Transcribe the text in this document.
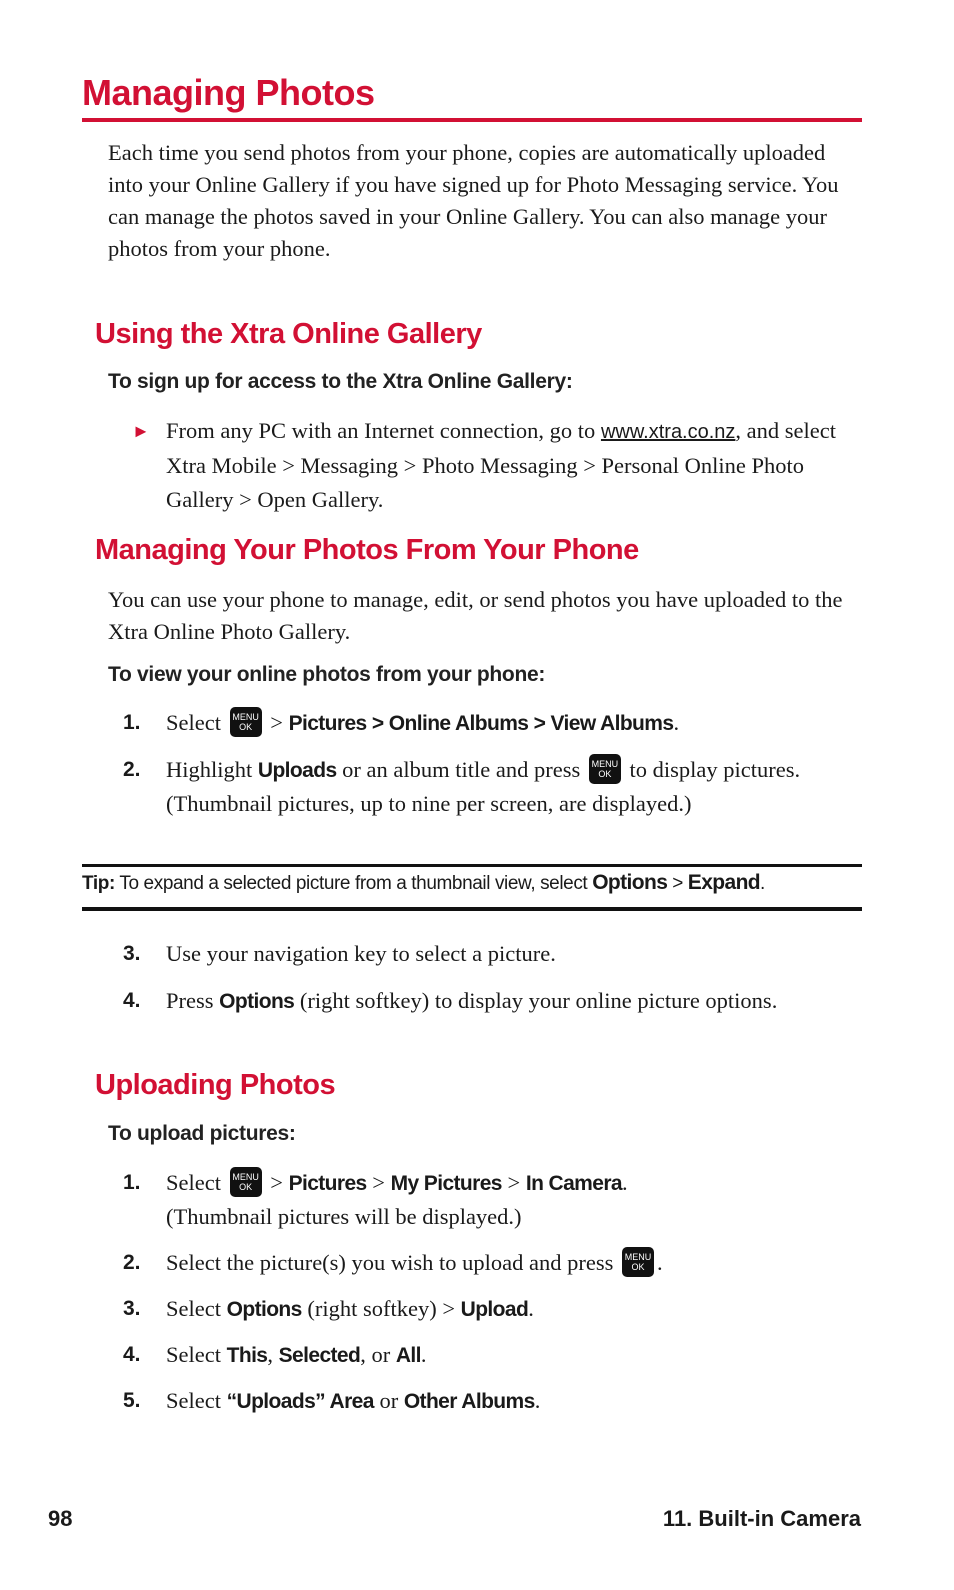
Managing Photos

Each time you send photos from your phone, copies are automatically uploaded into your Online Gallery if you have signed up for Photo Messaging service. You can manage the photos saved in your Online Gallery. You can also manage your photos from your phone.

Using the Xtra Online Gallery

To sign up for access to the Xtra Online Gallery:

► From any PC with an Internet connection, go to www.xtra.co.nz, and select Xtra Mobile > Messaging > Photo Messaging > Personal Online Photo Gallery > Open Gallery.
Managing Your Photos From Your Phone

You can use your phone to manage, edit, or send photos you have uploaded to the Xtra Online Photo Gallery.

To view your online photos from your phone:

1. Select MENU
OK > Pictures > Online Albums > View Albums.
2. Highlight Uploads or an album title and press MENU
OK to display pictures. (Thumbnail pictures, up to nine per screen, are displayed.)
Tip: To expand a selected picture from a thumbnail view, select Options > Expand.
3. Use your navigation key to select a picture.
4. Press Options (right softkey) to display your online picture options.
Uploading Photos

To upload pictures:

1. Select MENU
OK > Pictures > My Pictures > In Camera.
(Thumbnail pictures will be displayed.)
2. Select the picture(s) you wish to upload and press MENU
OK .
3. Select Options (right softkey) > Upload.
4. Select This, Selected, or All.
5. Select “Uploads” Area or Other Albums.
98	11. Built-in Camera
